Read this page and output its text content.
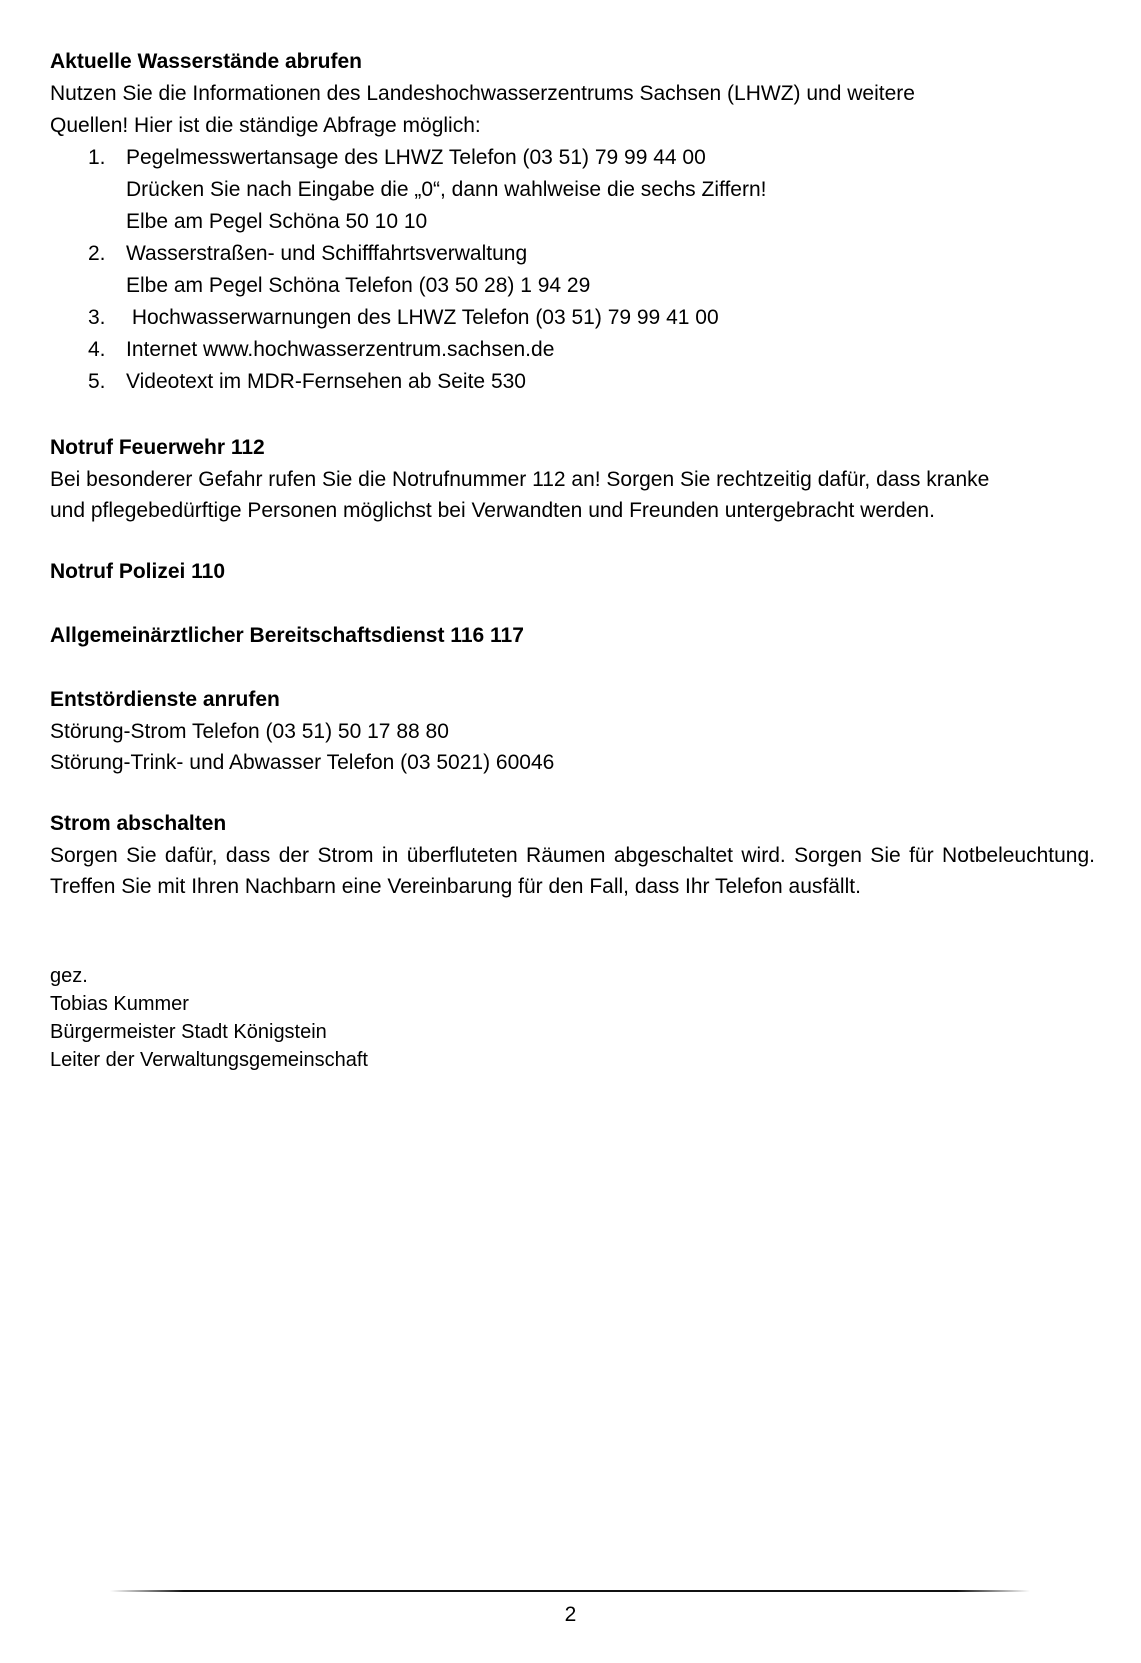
Aktuelle Wasserstände abrufen

Nutzen Sie die Informationen des Landeshochwasserzentrums Sachsen (LHWZ) und weitere

Quellen! Hier ist die ständige Abfrage möglich:

1. Pegelmesswertansage des LHWZ Telefon (03 51) 79 99 44 00
Drücken Sie nach Eingabe die „0“, dann wahlweise die sechs Ziffern!
Elbe am Pegel Schöna 50 10 10
2. Wasserstraßen- und Schifffahrtsverwaltung
Elbe am Pegel Schöna Telefon (03 50 28) 1 94 29
3. Hochwasserwarnungen des LHWZ Telefon (03 51) 79 99 41 00
4. Internet www.hochwasserzentrum.sachsen.de
5. Videotext im MDR-Fernsehen ab Seite 530

Notruf Feuerwehr 112

Bei besonderer Gefahr rufen Sie die Notrufnummer 112 an! Sorgen Sie rechtzeitig dafür, dass kranke

und pflegebedürftige Personen möglichst bei Verwandten und Freunden untergebracht werden.

Notruf Polizei 110

Allgemeinärztlicher Bereitschaftsdienst 116 117

Entstördienste anrufen

Störung-Strom Telefon (03 51) 50 17 88 80

Störung-Trink- und Abwasser Telefon (03 5021) 60046

Strom abschalten

Sorgen Sie dafür, dass der Strom in überfluteten Räumen abgeschaltet wird. Sorgen Sie für Notbeleuchtung. Treffen Sie mit Ihren Nachbarn eine Vereinbarung für den Fall, dass Ihr Telefon ausfällt.

gez.
Tobias Kummer
Bürgermeister Stadt Königstein
Leiter der Verwaltungsgemeinschaft
2
